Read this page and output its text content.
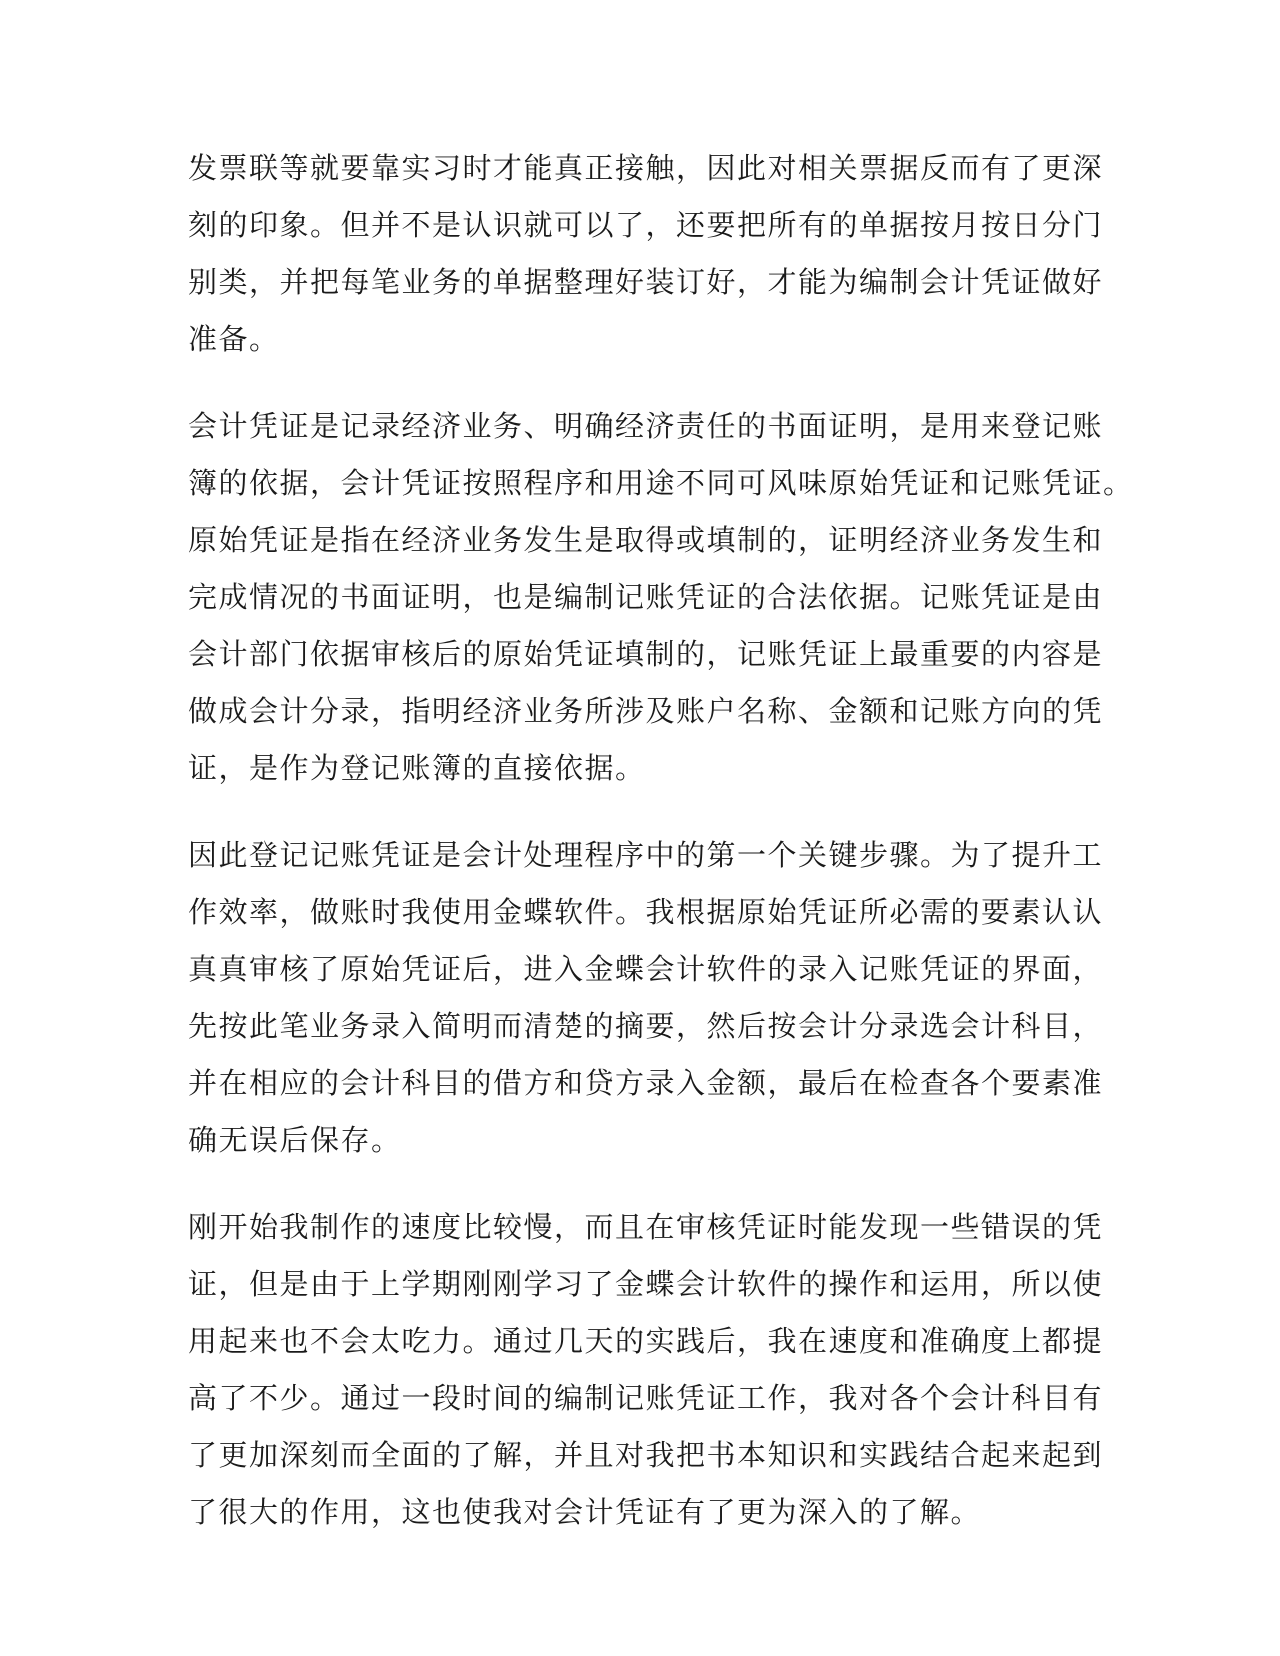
发票联等就要靠实习时才能真正接触，因此对相关票据反而有了更深
刻的印象。但并不是认识就可以了，还要把所有的单据按月按日分门
别类，并把每笔业务的单据整理好装订好，才能为编制会计凭证做好
准备。

会计凭证是记录经济业务、明确经济责任的书面证明，是用来登记账
簿的依据，会计凭证按照程序和用途不同可风味原始凭证和记账凭证。
原始凭证是指在经济业务发生是取得或填制的，证明经济业务发生和
完成情况的书面证明，也是编制记账凭证的合法依据。记账凭证是由
会计部门依据审核后的原始凭证填制的，记账凭证上最重要的内容是
做成会计分录，指明经济业务所涉及账户名称、金额和记账方向的凭
证，是作为登记账簿的直接依据。

因此登记记账凭证是会计处理程序中的第一个关键步骤。为了提升工
作效率，做账时我使用金蝶软件。我根据原始凭证所必需的要素认认
真真审核了原始凭证后，进入金蝶会计软件的录入记账凭证的界面，
先按此笔业务录入简明而清楚的摘要，然后按会计分录选会计科目，
并在相应的会计科目的借方和贷方录入金额，最后在检查各个要素准
确无误后保存。

刚开始我制作的速度比较慢，而且在审核凭证时能发现一些错误的凭
证，但是由于上学期刚刚学习了金蝶会计软件的操作和运用，所以使
用起来也不会太吃力。通过几天的实践后，我在速度和准确度上都提
高了不少。通过一段时间的编制记账凭证工作，我对各个会计科目有
了更加深刻而全面的了解，并且对我把书本知识和实践结合起来起到
了很大的作用，这也使我对会计凭证有了更为深入的了解。
